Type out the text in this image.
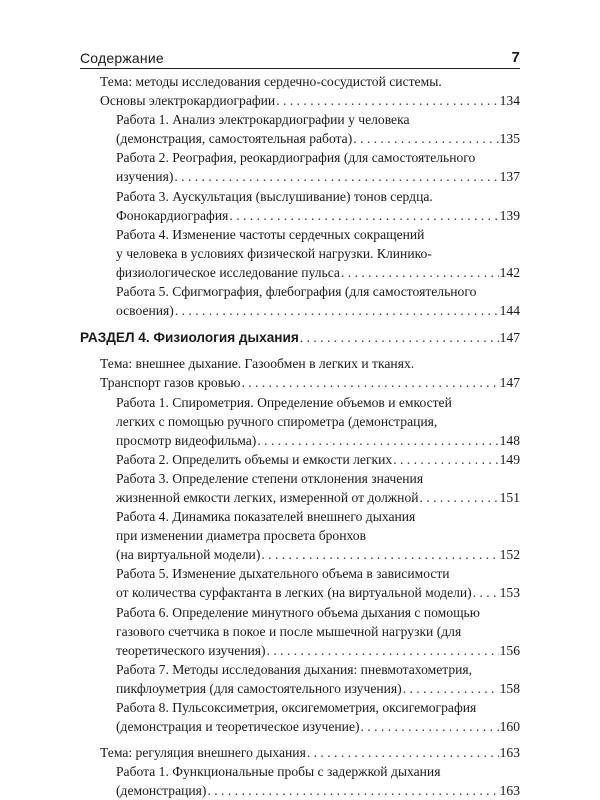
Содержание	7
Тема: методы исследования сердечно-сосудистой системы.
Основы электрокардиографии . . .	134
Работа 1. Анализ электрокардиографии у человека
(демонстрация, самостоятельная работа) . . .	135
Работа 2. Реография, реокардиография (для самостоятельного
изучения) . . .	137
Работа 3. Аускультация (выслушивание) тонов сердца.
Фонокардиография . . .	139
Работа 4. Изменение частоты сердечных сокращений
у человека в условиях физической нагрузки. Клинико-
физиологическое исследование пульса . . .	142
Работа 5. Сфигмография, флебография (для самостоятельного
освоения) . . .	144
РАЗДЕЛ 4. Физиология дыхания . . .	147
Тема: внешнее дыхание. Газообмен в легких и тканях.
Транспорт газов кровью . . .	147
Работа 1. Спирометрия. Определение объемов и емкостей
легких с помощью ручного спирометра (демонстрация,
просмотр видеофильма) . . .	148
Работа 2. Определить объемы и емкости легких . . .	149
Работа 3. Определение степени отклонения значения
жизненной емкости легких, измеренной от должной . . .	151
Работа 4. Динамика показателей внешнего дыхания
при изменении диаметра просвета бронхов
(на виртуальной модели) . . .	152
Работа 5. Изменение дыхательного объема в зависимости
от количества сурфактанта в легких (на виртуальной модели) . . . 153
Работа 6. Определение минутного объема дыхания с помощью
газового счетчика в покое и после мышечной нагрузки (для
теоретического изучения) . . .	156
Работа 7. Методы исследования дыхания: пневмотахометрия,
пикфлоуметрия (для самостоятельного изучения) . . .	158
Работа 8. Пульсоксиметрия, оксигемометрия, оксигемография
(демонстрация и теоретическое изучение) . . .	160
Тема: регуляция внешнего дыхания . . .	163
Работа 1. Функциональные пробы с задержкой дыхания
(демонстрация) . . .	163
